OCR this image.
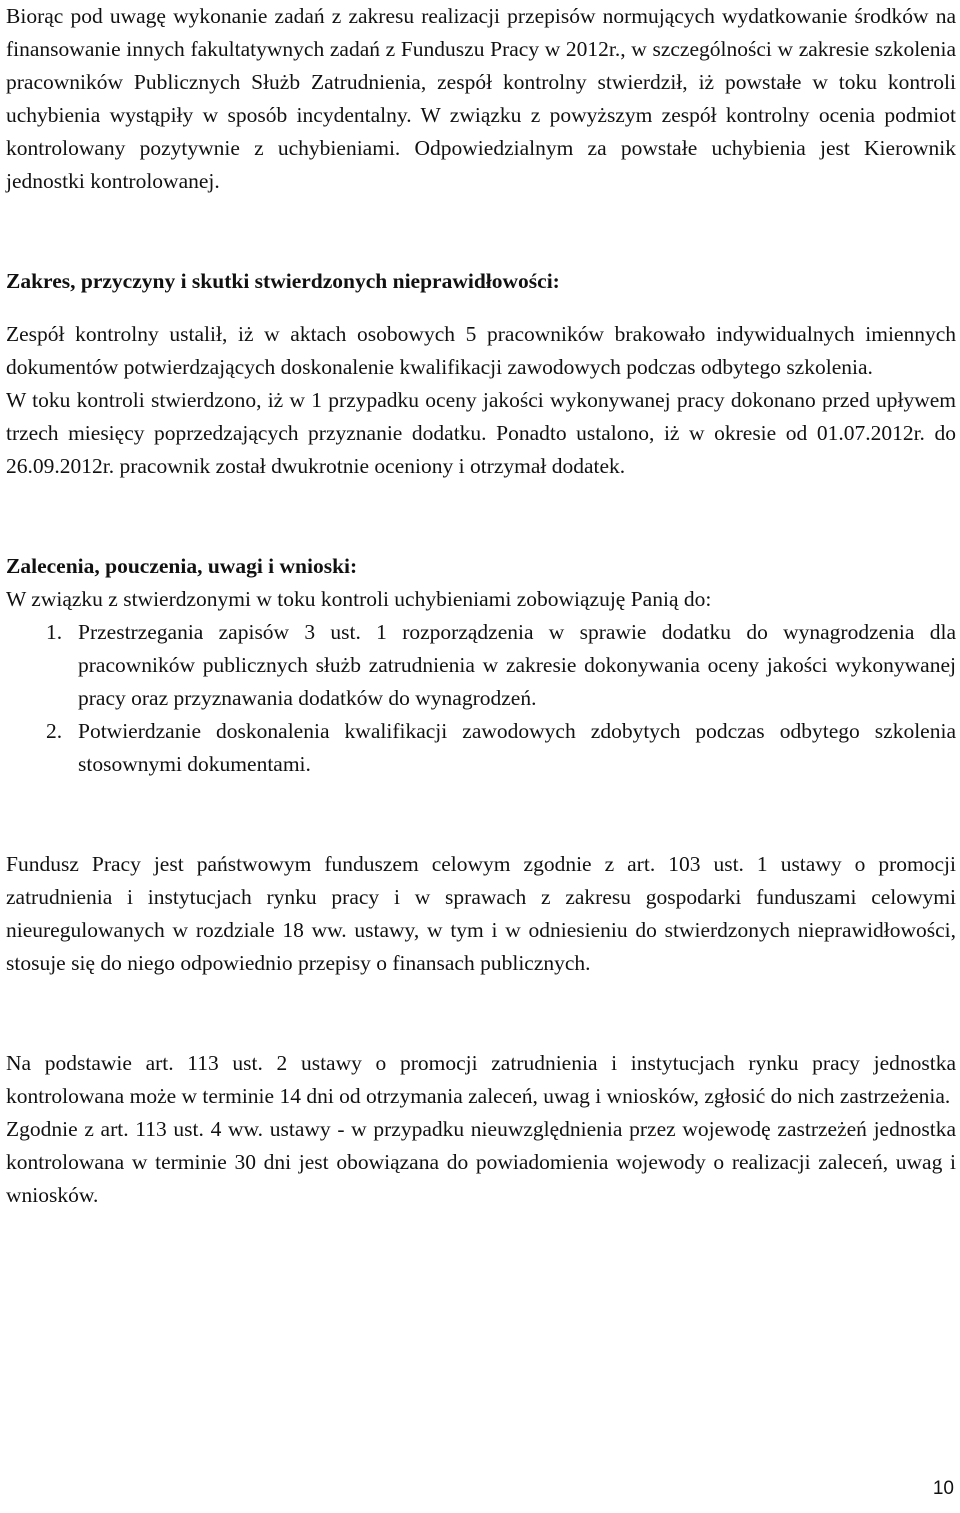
Biorąc pod uwagę wykonanie zadań z zakresu realizacji przepisów normujących wydatkowanie środków na finansowanie innych fakultatywnych zadań z Funduszu Pracy w 2012r., w szczególności w zakresie szkolenia pracowników Publicznych Służb Zatrudnienia, zespół kontrolny stwierdził, iż powstałe w toku kontroli uchybienia wystąpiły w sposób incydentalny. W związku z powyższym zespół kontrolny ocenia podmiot kontrolowany pozytywnie z uchybieniami. Odpowiedzialnym za powstałe uchybienia jest Kierownik jednostki kontrolowanej.

Zakres, przyczyny i skutki stwierdzonych nieprawidłowości:

Zespół kontrolny ustalił, iż w aktach osobowych 5 pracowników brakowało indywidualnych imiennych dokumentów potwierdzających doskonalenie kwalifikacji zawodowych podczas odbytego szkolenia.

W toku kontroli stwierdzono, iż w 1 przypadku oceny jakości wykonywanej pracy dokonano przed upływem trzech miesięcy poprzedzających przyznanie dodatku. Ponadto ustalono, iż w okresie od 01.07.2012r. do 26.09.2012r. pracownik został dwukrotnie oceniony i otrzymał dodatek.

Zalecenia, pouczenia, uwagi i wnioski:

W związku z stwierdzonymi w toku kontroli uchybieniami zobowiązuję Panią do:

1. Przestrzegania zapisów 3 ust. 1 rozporządzenia w sprawie dodatku do wynagrodzenia dla pracowników publicznych służb zatrudnienia w zakresie dokonywania oceny jakości wykonywanej pracy oraz przyznawania dodatków do wynagrodzeń.
2. Potwierdzanie doskonalenia kwalifikacji zawodowych zdobytych podczas odbytego szkolenia stosownymi dokumentami.

Fundusz Pracy jest państwowym funduszem celowym zgodnie z art. 103 ust. 1 ustawy o promocji zatrudnienia i instytucjach rynku pracy i w sprawach z zakresu gospodarki funduszami celowymi nieuregulowanych w rozdziale 18 ww. ustawy, w tym i w odniesieniu do stwierdzonych nieprawidłowości, stosuje się do niego odpowiednio przepisy o finansach publicznych.

Na podstawie art. 113 ust. 2 ustawy o promocji zatrudnienia i instytucjach rynku pracy jednostka kontrolowana może w terminie 14 dni od otrzymania zaleceń, uwag i wniosków, zgłosić do nich zastrzeżenia.

Zgodnie z art. 113 ust. 4 ww. ustawy - w przypadku nieuwzględnienia przez wojewodę zastrzeżeń jednostka kontrolowana w terminie 30 dni jest obowiązana do powiadomienia wojewody o realizacji zaleceń, uwag i wniosków.

10
